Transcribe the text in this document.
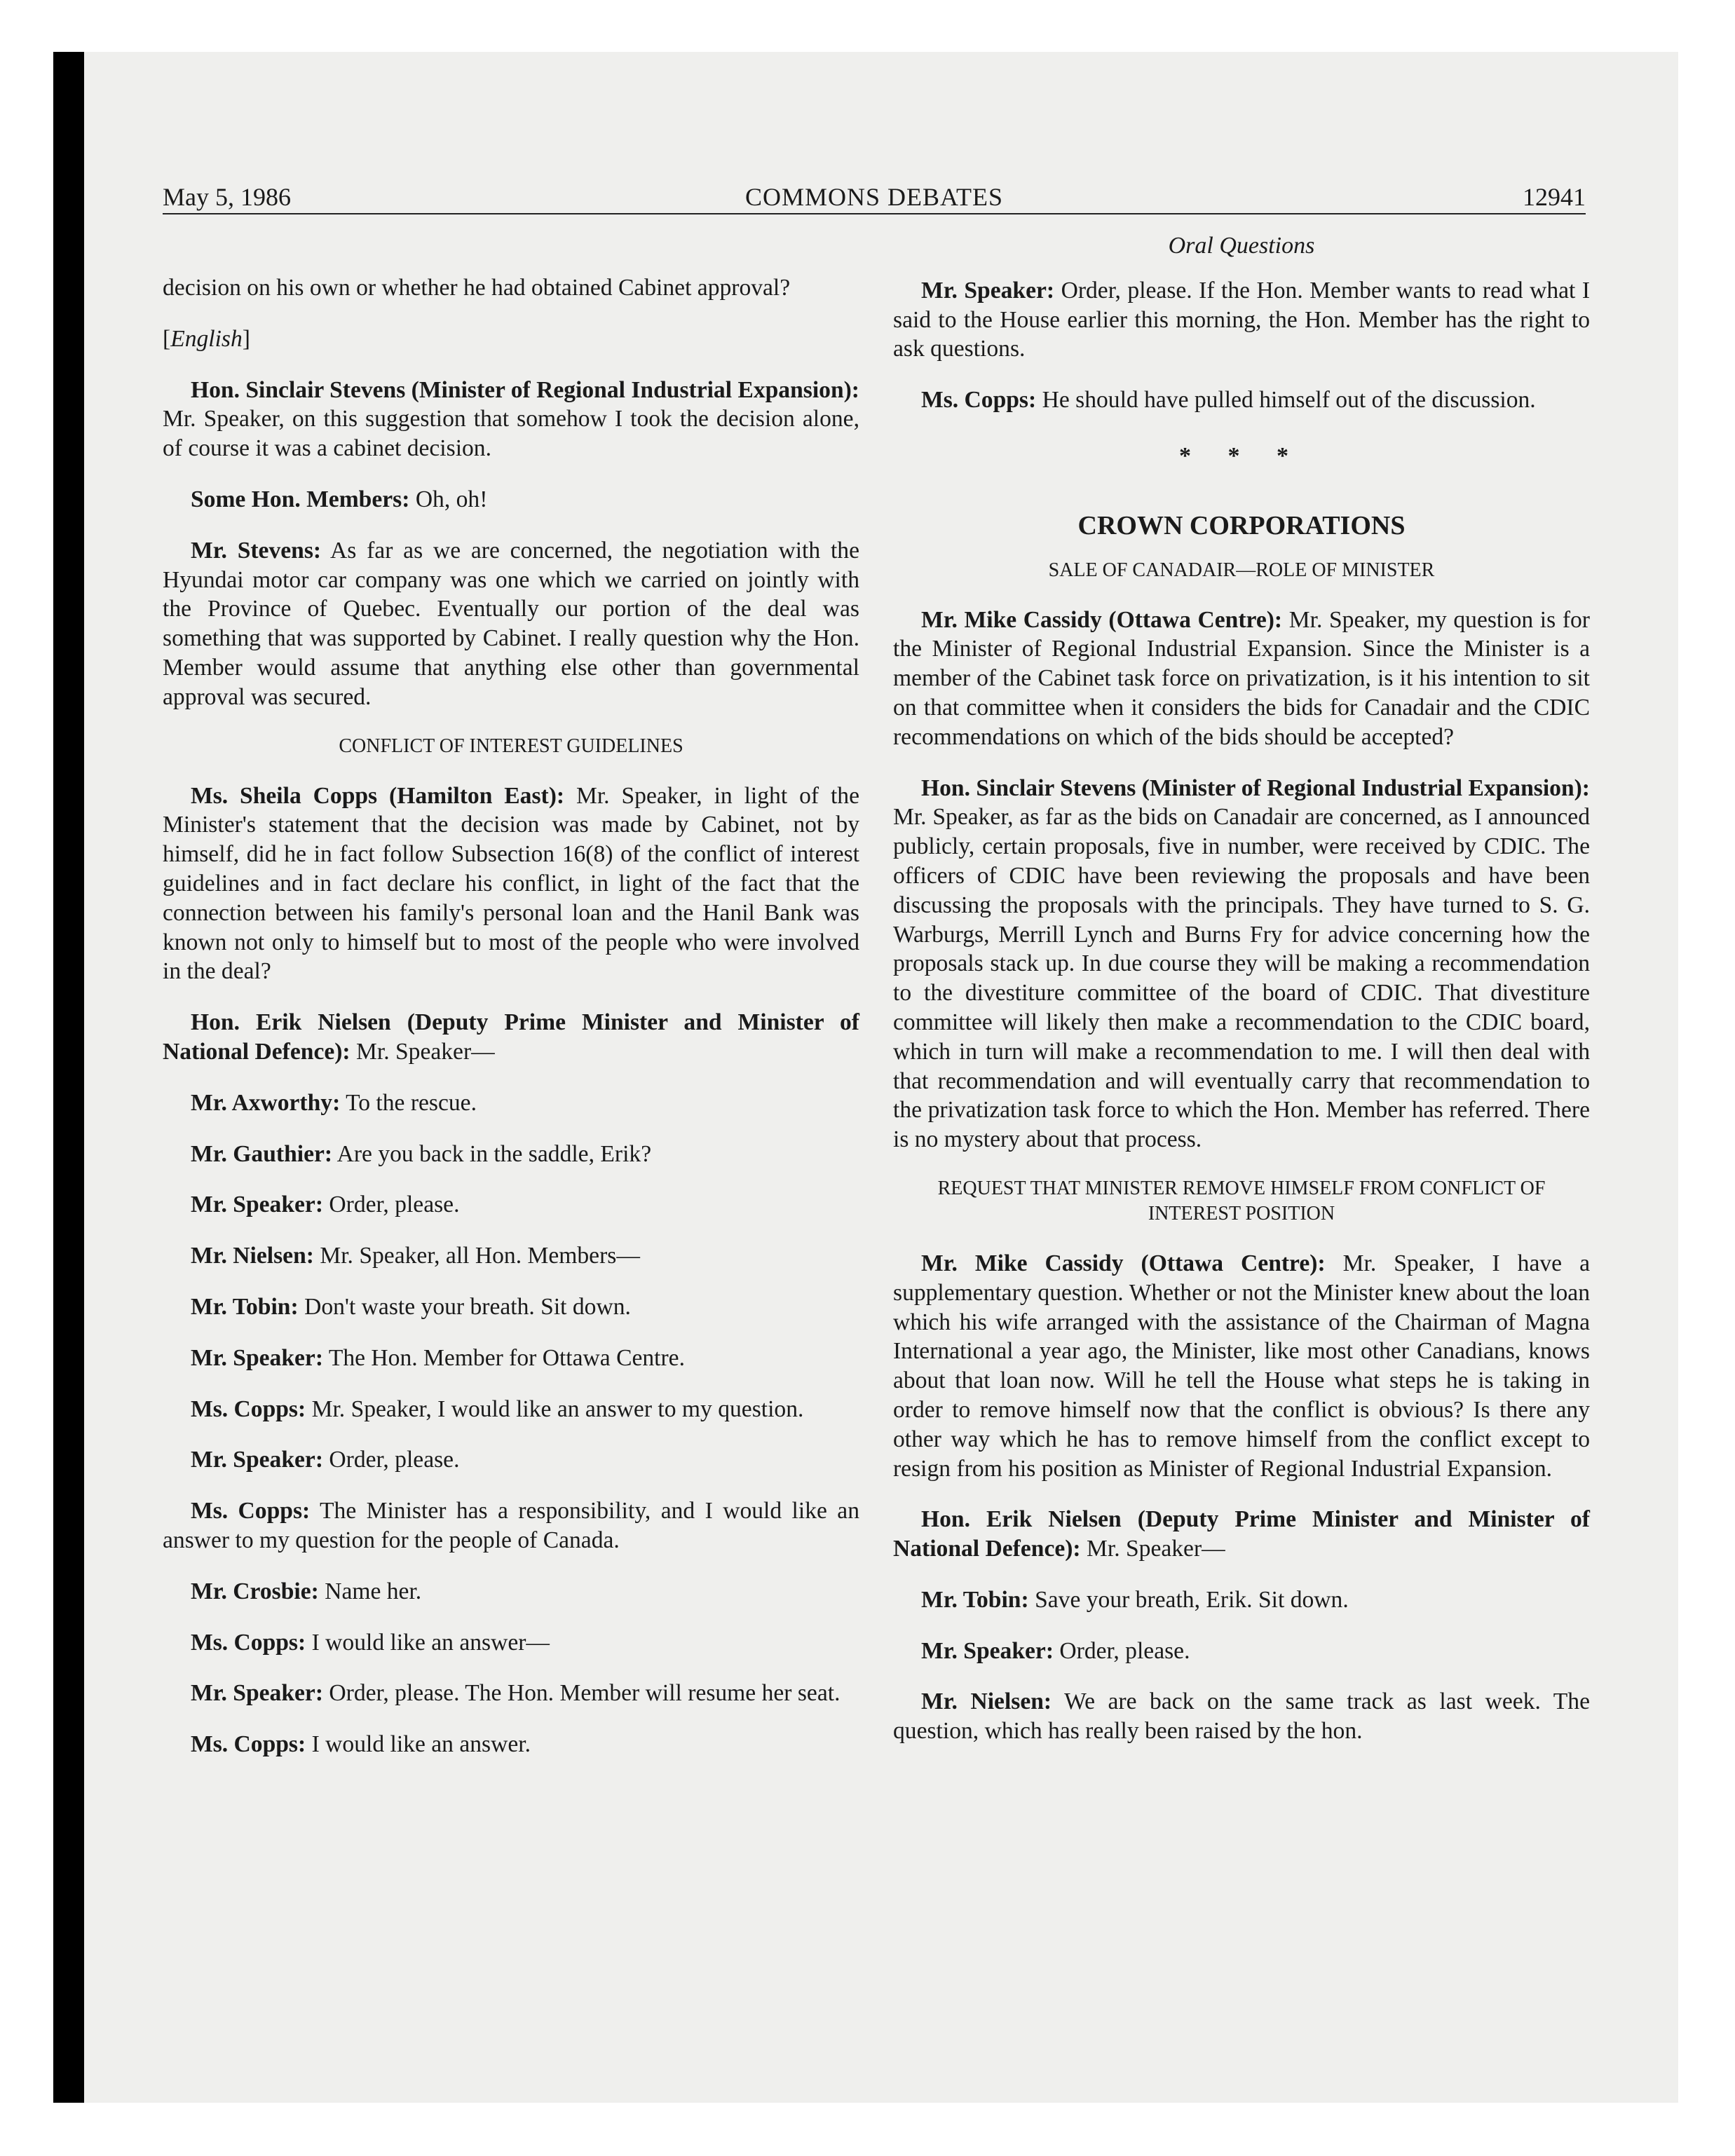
May 5, 1986	COMMONS DEBATES	12941

decision on his own or whether he had obtained Cabinet approval?

[English]

Hon. Sinclair Stevens (Minister of Regional Industrial Expansion): Mr. Speaker, on this suggestion that somehow I took the decision alone, of course it was a cabinet decision.

Some Hon. Members: Oh, oh!

Mr. Stevens: As far as we are concerned, the negotiation with the Hyundai motor car company was one which we carried on jointly with the Province of Quebec. Eventually our portion of the deal was something that was supported by Cabinet. I really question why the Hon. Member would assume that anything else other than governmental approval was secured.

CONFLICT OF INTEREST GUIDELINES

Ms. Sheila Copps (Hamilton East): Mr. Speaker, in light of the Minister's statement that the decision was made by Cabinet, not by himself, did he in fact follow Subsection 16(8) of the conflict of interest guidelines and in fact declare his conflict, in light of the fact that the connection between his family's personal loan and the Hanil Bank was known not only to himself but to most of the people who were involved in the deal?

Hon. Erik Nielsen (Deputy Prime Minister and Minister of National Defence): Mr. Speaker—

Mr. Axworthy: To the rescue.

Mr. Gauthier: Are you back in the saddle, Erik?

Mr. Speaker: Order, please.

Mr. Nielsen: Mr. Speaker, all Hon. Members—

Mr. Tobin: Don't waste your breath. Sit down.

Mr. Speaker: The Hon. Member for Ottawa Centre.

Ms. Copps: Mr. Speaker, I would like an answer to my question.

Mr. Speaker: Order, please.

Ms. Copps: The Minister has a responsibility, and I would like an answer to my question for the people of Canada.

Mr. Crosbie: Name her.

Ms. Copps: I would like an answer—

Mr. Speaker: Order, please. The Hon. Member will resume her seat.

Ms. Copps: I would like an answer.

Oral Questions

Mr. Speaker: Order, please. If the Hon. Member wants to read what I said to the House earlier this morning, the Hon. Member has the right to ask questions.

Ms. Copps: He should have pulled himself out of the discussion.

* * *
CROWN CORPORATIONS
SALE OF CANADAIR—ROLE OF MINISTER

Mr. Mike Cassidy (Ottawa Centre): Mr. Speaker, my question is for the Minister of Regional Industrial Expansion. Since the Minister is a member of the Cabinet task force on privatization, is it his intention to sit on that committee when it considers the bids for Canadair and the CDIC recommendations on which of the bids should be accepted?

Hon. Sinclair Stevens (Minister of Regional Industrial Expansion): Mr. Speaker, as far as the bids on Canadair are concerned, as I announced publicly, certain proposals, five in number, were received by CDIC. The officers of CDIC have been reviewing the proposals and have been discussing the proposals with the principals. They have turned to S. G. Warburgs, Merrill Lynch and Burns Fry for advice concerning how the proposals stack up. In due course they will be making a recommendation to the divestiture committee of the board of CDIC. That divestiture committee will likely then make a recommendation to the CDIC board, which in turn will make a recommendation to me. I will then deal with that recommendation and will eventually carry that recommendation to the privatization task force to which the Hon. Member has referred. There is no mystery about that process.

REQUEST THAT MINISTER REMOVE HIMSELF FROM CONFLICT OF INTEREST POSITION

Mr. Mike Cassidy (Ottawa Centre): Mr. Speaker, I have a supplementary question. Whether or not the Minister knew about the loan which his wife arranged with the assistance of the Chairman of Magna International a year ago, the Minister, like most other Canadians, knows about that loan now. Will he tell the House what steps he is taking in order to remove himself now that the conflict is obvious? Is there any other way which he has to remove himself from the conflict except to resign from his position as Minister of Regional Industrial Expansion.

Hon. Erik Nielsen (Deputy Prime Minister and Minister of National Defence): Mr. Speaker—

Mr. Tobin: Save your breath, Erik. Sit down.

Mr. Speaker: Order, please.

Mr. Nielsen: We are back on the same track as last week. The question, which has really been raised by the hon.
